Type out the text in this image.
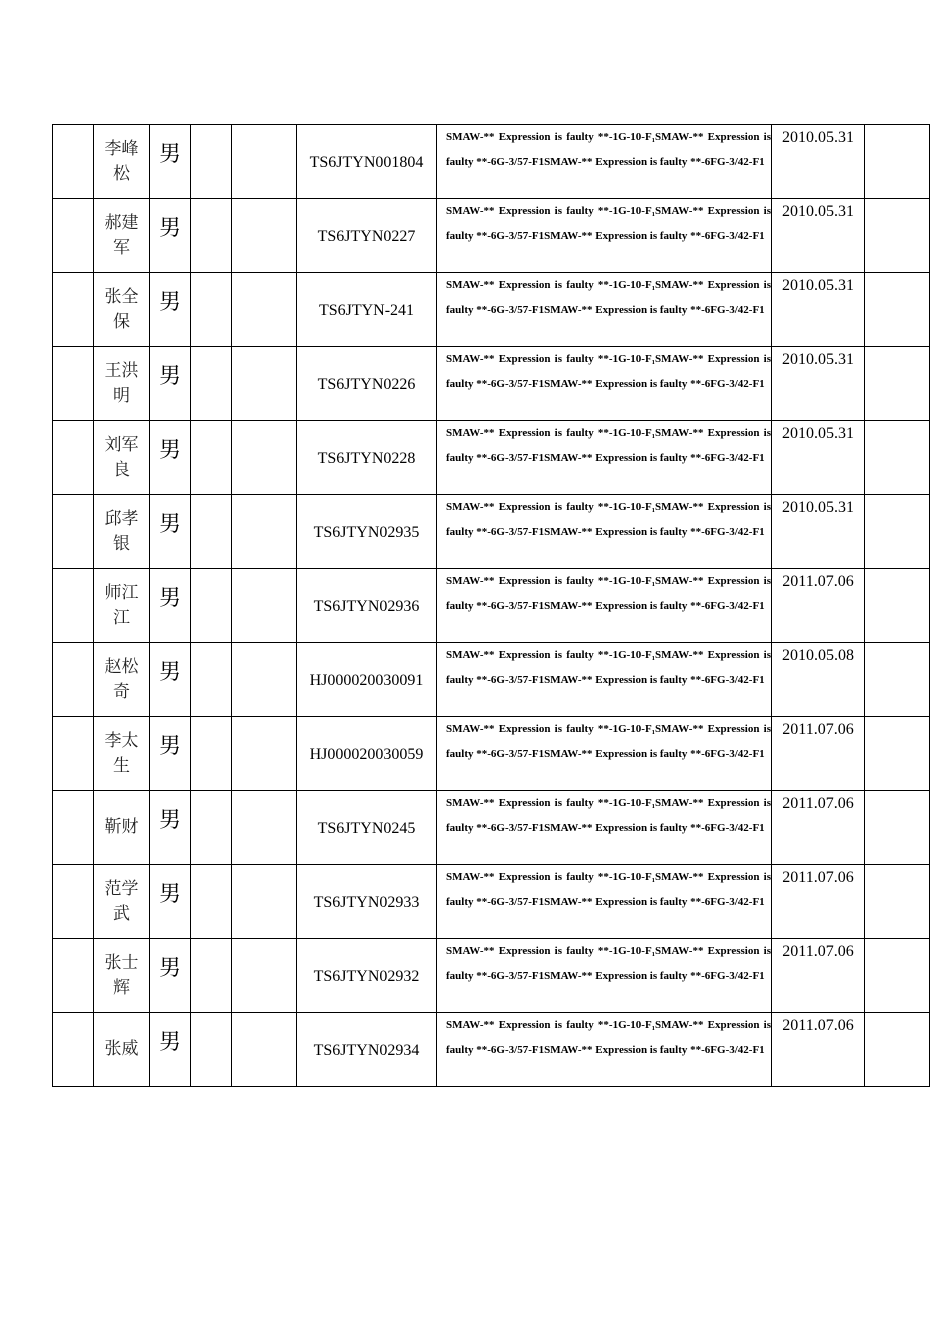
	李峰松	男			TS6JTYN001804	SMAW-** Expression is faulty **-1G-10-F₁SMAW-** Expression is faulty **-6G-3/57-F1SMAW-** Expression is faulty **-6FG-3/42-F1	2010.05.31	
	郝建军	男			TS6JTYN0227	SMAW-** Expression is faulty **-1G-10-F₁SMAW-** Expression is faulty **-6G-3/57-F1SMAW-** Expression is faulty **-6FG-3/42-F1	2010.05.31	
	张全保	男			TS6JTYN-241	SMAW-** Expression is faulty **-1G-10-F₁SMAW-** Expression is faulty **-6G-3/57-F1SMAW-** Expression is faulty **-6FG-3/42-F1	2010.05.31	
	王洪明	男			TS6JTYN0226	SMAW-** Expression is faulty **-1G-10-F₁SMAW-** Expression is faulty **-6G-3/57-F1SMAW-** Expression is faulty **-6FG-3/42-F1	2010.05.31	
	刘军良	男			TS6JTYN0228	SMAW-** Expression is faulty **-1G-10-F₁SMAW-** Expression is faulty **-6G-3/57-F1SMAW-** Expression is faulty **-6FG-3/42-F1	2010.05.31	
	邱孝银	男			TS6JTYN02935	SMAW-** Expression is faulty **-1G-10-F₁SMAW-** Expression is faulty **-6G-3/57-F1SMAW-** Expression is faulty **-6FG-3/42-F1	2010.05.31	
	师江江	男			TS6JTYN02936	SMAW-** Expression is faulty **-1G-10-F₁SMAW-** Expression is faulty **-6G-3/57-F1SMAW-** Expression is faulty **-6FG-3/42-F1	2011.07.06	
	赵松奇	男			HJ000020030091	SMAW-** Expression is faulty **-1G-10-F₁SMAW-** Expression is faulty **-6G-3/57-F1SMAW-** Expression is faulty **-6FG-3/42-F1	2010.05.08	
	李太生	男			HJ000020030059	SMAW-** Expression is faulty **-1G-10-F₁SMAW-** Expression is faulty **-6G-3/57-F1SMAW-** Expression is faulty **-6FG-3/42-F1	2011.07.06	
	靳财	男			TS6JTYN0245	SMAW-** Expression is faulty **-1G-10-F₁SMAW-** Expression is faulty **-6G-3/57-F1SMAW-** Expression is faulty **-6FG-3/42-F1	2011.07.06	
	范学武	男			TS6JTYN02933	SMAW-** Expression is faulty **-1G-10-F₁SMAW-** Expression is faulty **-6G-3/57-F1SMAW-** Expression is faulty **-6FG-3/42-F1	2011.07.06	
	张士辉	男			TS6JTYN02932	SMAW-** Expression is faulty **-1G-10-F₁SMAW-** Expression is faulty **-6G-3/57-F1SMAW-** Expression is faulty **-6FG-3/42-F1	2011.07.06	
	张威	男			TS6JTYN02934	SMAW-** Expression is faulty **-1G-10-F₁SMAW-** Expression is faulty **-6G-3/57-F1SMAW-** Expression is faulty **-6FG-3/42-F1	2011.07.06	
